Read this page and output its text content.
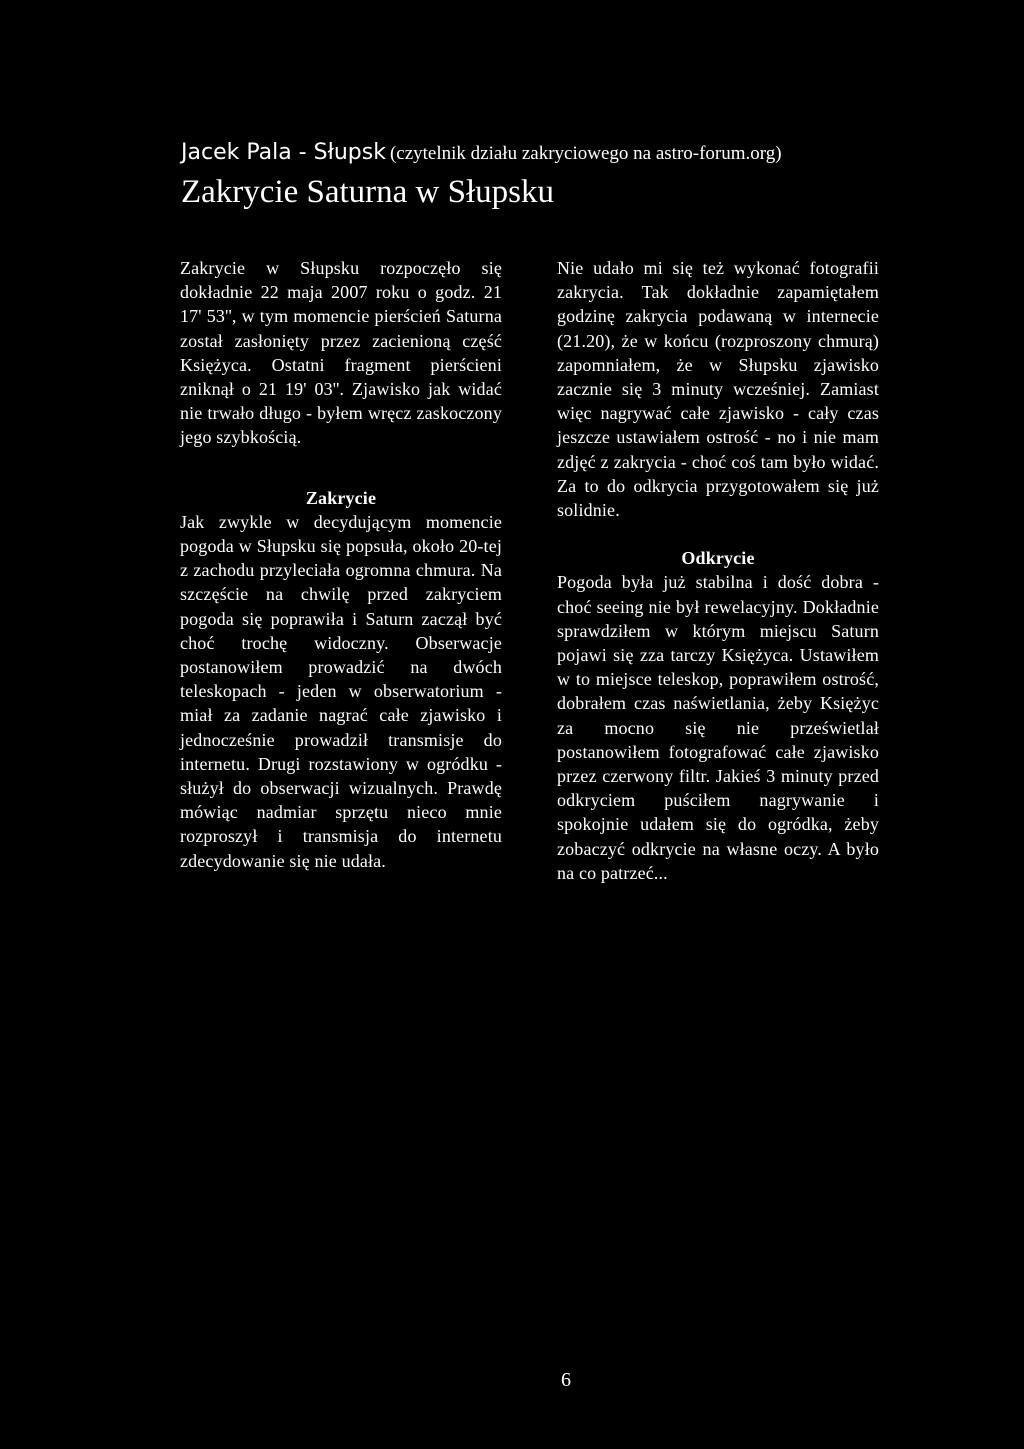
Jacek Pala - Słupsk (czytelnik działu zakryciowego na astro-forum.org)

Zakrycie Saturna w Słupsku

Zakrycie w Słupsku rozpoczęło się dokładnie 22 maja 2007 roku o godz. 21 17' 53'', w tym momencie pierścień Saturna został zasłonięty przez zacienioną część Księżyca. Ostatni fragment pierścieni zniknął o 21 19' 03''. Zjawisko jak widać nie trwało długo - byłem wręcz zaskoczony jego szybkością.

Zakrycie

Jak zwykle w decydującym momencie pogoda w Słupsku się popsuła, około 20-tej z zachodu przyleciała ogromna chmura. Na szczęście na chwilę przed zakryciem pogoda się poprawiła i Saturn zaczął być choć trochę widoczny. Obserwacje postanowiłem prowadzić na dwóch teleskopach - jeden w obserwatorium - miał za zadanie nagrać całe zjawisko i jednocześnie prowadził transmisje do internetu. Drugi rozstawiony w ogródku - służył do obserwacji wizualnych. Prawdę mówiąc nadmiar sprzętu nieco mnie rozproszył i transmisja do internetu zdecydowanie się nie udała.

Nie udało mi się też wykonać fotografii zakrycia. Tak dokładnie zapamiętałem godzinę zakrycia podawaną w internecie (21.20), że w końcu (rozproszony chmurą) zapomniałem, że w Słupsku zjawisko zacznie się 3 minuty wcześniej. Zamiast więc nagrywać całe zjawisko - cały czas jeszcze ustawiałem ostrość - no i nie mam zdjęć z zakrycia - choć coś tam było widać. Za to do odkrycia przygotowałem się już solidnie.

Odkrycie

Pogoda była już stabilna i dość dobra - choć seeing nie był rewelacyjny. Dokładnie sprawdziłem w którym miejscu Saturn pojawi się zza tarczy Księżyca. Ustawiłem w to miejsce teleskop, poprawiłem ostrość, dobrałem czas naświetlania, żeby Księżyc za mocno się nie prześwietlał postanowiłem fotografować całe zjawisko przez czerwony filtr. Jakieś 3 minuty przed odkryciem puściłem nagrywanie i spokojnie udałem się do ogródka, żeby zobaczyć odkrycie na własne oczy. A było na co patrzeć...

6
